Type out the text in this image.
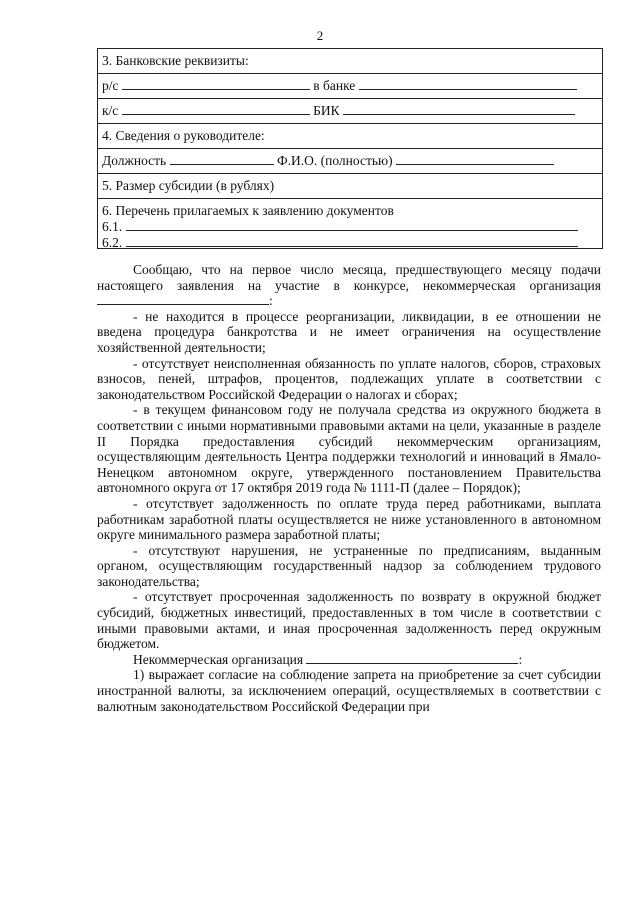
2
3. Банковские реквизиты:
р/с	в банке
к/с	БИК
4. Сведения о руководителе:
Должность	Ф.И.О. (полностью)
5. Размер субсидии (в рублях)
6. Перечень прилагаемых к заявлению документов
6.1.
6.2.

Сообщаю, что на первое число месяца, предшествующего месяцу подачи настоящего заявления на участие в конкурсе, некоммерческая организация :

- не находится в процессе реорганизации, ликвидации, в ее отношении не введена процедура банкротства и не имеет ограничения на осуществление хозяйственной деятельности;

- отсутствует неисполненная обязанность по уплате налогов, сборов, страховых взносов, пеней, штрафов, процентов, подлежащих уплате в соответствии с законодательством Российской Федерации о налогах и сборах;

- в текущем финансовом году не получала средства из окружного бюджета в соответствии с иными нормативными правовыми актами на цели, указанные в разделе II Порядка предоставления субсидий некоммерческим организациям, осуществляющим деятельность Центра поддержки технологий и инноваций в Ямало-Ненецком автономном округе, утвержденного постановлением Правительства автономного округа от 17 октября 2019 года № 1111-П (далее – Порядок);

- отсутствует задолженность по оплате труда перед работниками, выплата работникам заработной платы осуществляется не ниже установленного в автономном округе минимального размера заработной платы;

- отсутствуют нарушения, не устраненные по предписаниям, выданным органом, осуществляющим государственный надзор за соблюдением трудового законодательства;

- отсутствует просроченная задолженность по возврату в окружной бюджет субсидий, бюджетных инвестиций, предоставленных в том числе в соответствии с иными правовыми актами, и иная просроченная задолженность перед окружным бюджетом.

Некоммерческая организация	:

1) выражает согласие на соблюдение запрета на приобретение за счет субсидии иностранной валюты, за исключением операций, осуществляемых в соответствии с валютным законодательством Российской Федерации при
